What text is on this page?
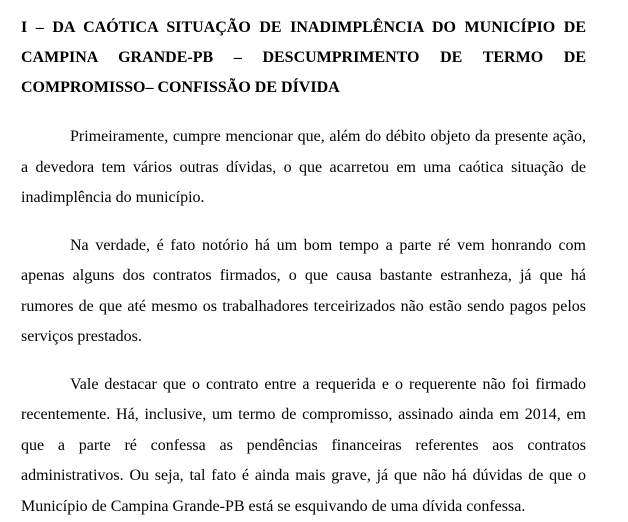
I – DA CAÓTICA SITUAÇÃO DE INADIMPLÊNCIA DO MUNICÍPIO DE CAMPINA GRANDE-PB – DESCUMPRIMENTO DE TERMO DE COMPROMISSO– CONFISSÃO DE DÍVIDA

Primeiramente, cumpre mencionar que, além do débito objeto da presente ação, a devedora tem vários outras dívidas, o que acarretou em uma caótica situação de inadimplência do município.

Na verdade, é fato notório há um bom tempo a parte ré vem honrando com apenas alguns dos contratos firmados, o que causa bastante estranheza, já que há rumores de que até mesmo os trabalhadores terceirizados não estão sendo pagos pelos serviços prestados.

Vale destacar que o contrato entre a requerida e o requerente não foi firmado recentemente. Há, inclusive, um termo de compromisso, assinado ainda em 2014, em que a parte ré confessa as pendências financeiras referentes aos contratos administrativos. Ou seja, tal fato é ainda mais grave, já que não há dúvidas de que o Município de Campina Grande-PB está se esquivando de uma dívida confessa.
